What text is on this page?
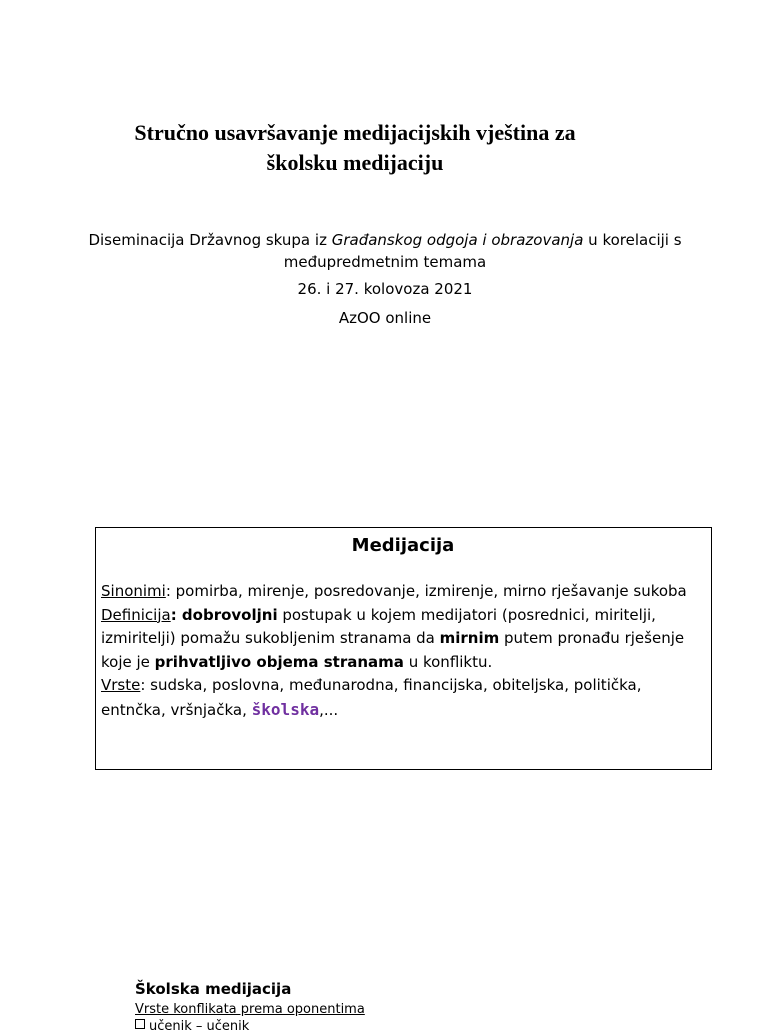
Stručno usavršavanje medijacijskih vještina za
školsku medijaciju
Diseminacija Državnog skupa iz Građanskog odgoja i obrazovanja u korelaciji s međupredmetnim temama
26. i 27. kolovoza 2021
AzOO online
Medijacija

Sinonimi: pomirba, mirenje, posredovanje, izmirenje, mirno rješavanje sukoba

Definicija: dobrovoljni postupak u kojem medijatori (posrednici, miritelji, izmiritelji) pomažu sukobljenim stranama da mirnim putem pronađu rješenje koje je prihvatljivo objema stranama u konfliktu.

Vrste: sudska, poslovna, međunarodna, financijska, obiteljska, politička, entnčka, vršnjačka, školska,...

Školska medijacija
Vrste konflikata prema oponentima
učenik – učenik
